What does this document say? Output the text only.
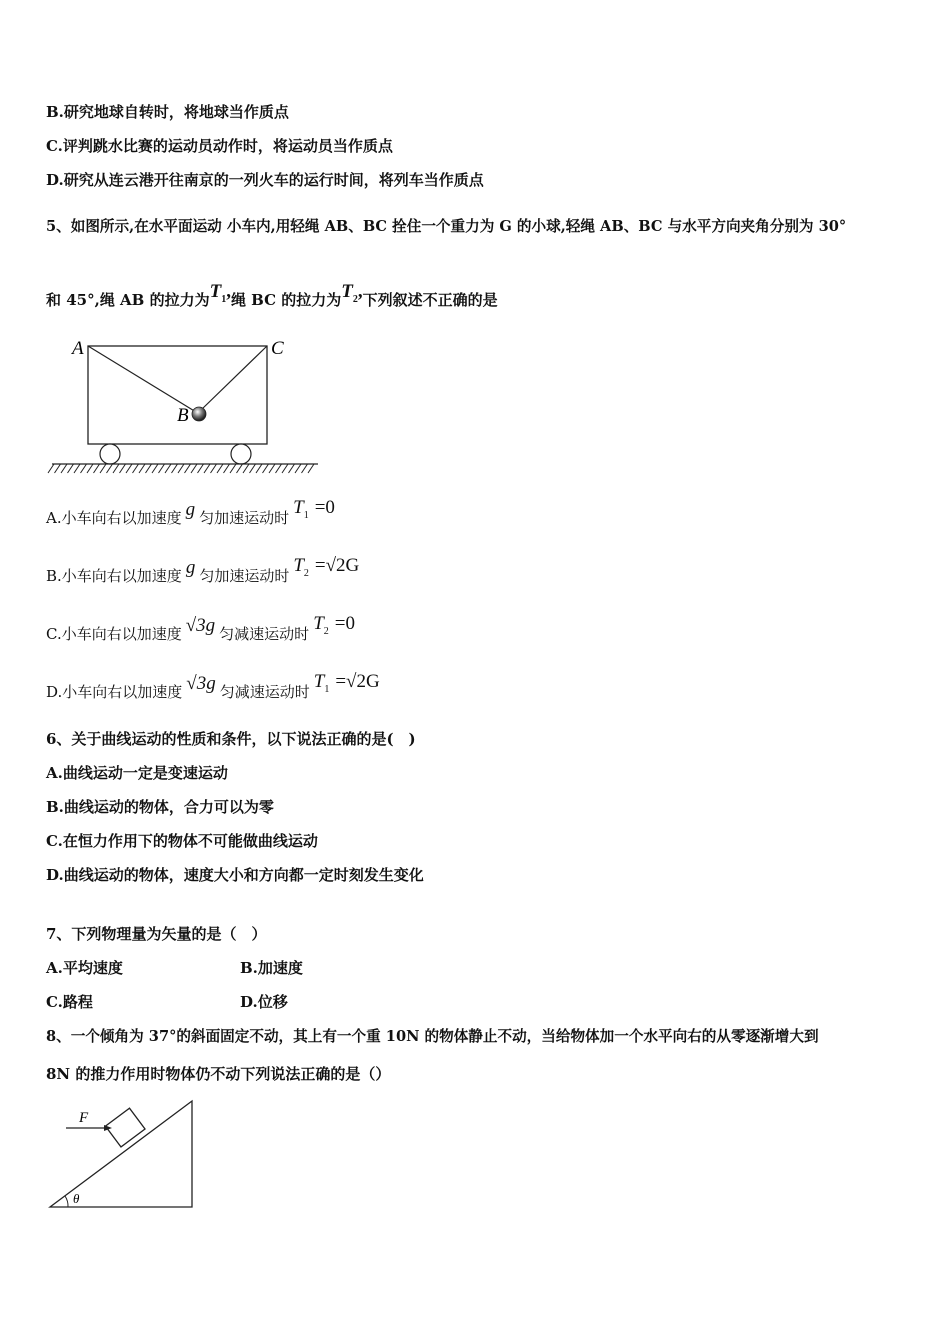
B.研究地球自转时，将地球当作质点
C.评判跳水比赛的运动员动作时，将运动员当作质点
D.研究从连云港开往南京的一列火车的运行时间，将列车当作质点
5、如图所示,在水平面运动 小车内,用轻绳 AB、BC 拴住一个重力为 G 的小球,轻绳 AB、BC 与水平方向夹角分别为 30°
和 45°,绳 AB 的拉力为$T_1$,绳 BC 的拉力为$T_2$,下列叙述不正确的是
A	C
B
A.小车向右以加速度 g 匀加速运动时 $T_1 =0$
B.小车向右以加速度 g 匀加速运动时 $T_2 =√2G$
C.小车向右以加速度 √3g 匀减速运动时 $T_2 =0$
D.小车向右以加速度 √3g 匀减速运动时 $T_1 =√2G$
6、关于曲线运动的性质和条件，以下说法正确的是(　)
A.曲线运动一定是变速运动
B.曲线运动的物体，合力可以为零
C.在恒力作用下的物体不可能做曲线运动
D.曲线运动的物体，速度大小和方向都一定时刻发生变化
7、下列物理量为矢量的是（　）
A.平均速度	B.加速度
C.路程	D.位移
8、一个倾角为 37°的斜面固定不动，其上有一个重 10N 的物体静止不动，当给物体加一个水平向右的从零逐渐增大到
8N 的推力作用时物体仍不动下列说法正确的是（）
F
θ
